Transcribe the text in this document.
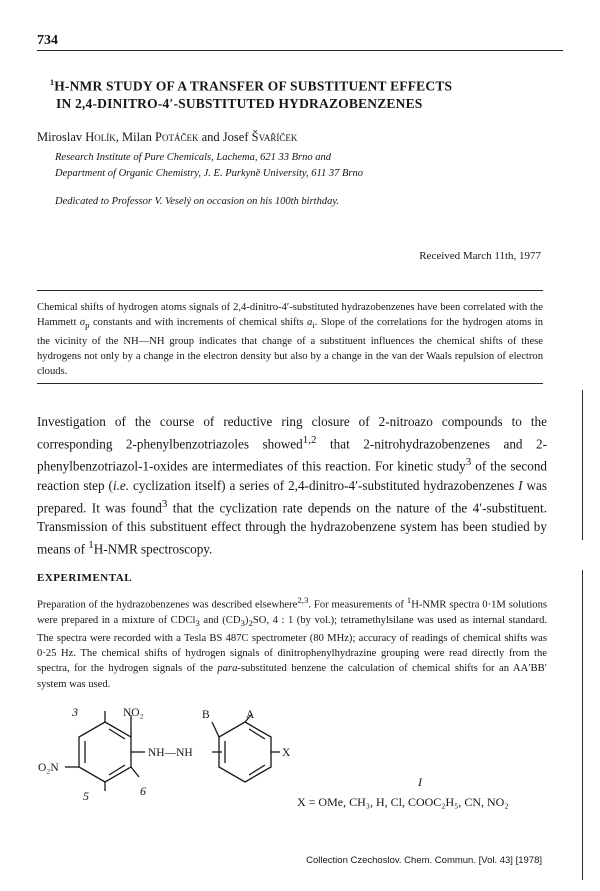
734
$^1$H-NMR STUDY OF A TRANSFER OF SUBSTITUENT EFFECTS
IN 2,4-DINITRO-4′-SUBSTITUTED HYDRAZOBENZENES
Miroslav Holík, Milan Potáček and Josef Švaříček
Research Institute of Pure Chemicals, Lachema, 621 33 Brno and
Department of Organic Chemistry, J. E. Purkyně University, 611 37 Brno
Dedicated to Professor V. Veselý on occasion on his 100th birthday.
Received March 11th, 1977
Chemical shifts of hydrogen atoms signals of 2,4-dinitro-4′-substituted hydrazobenzenes have been correlated with the Hammett $\sigma_p$ constants and with increments of chemical shifts $a_i$. Slope of the correlations for the hydrogen atoms in the vicinity of the NH—NH group indicates that change of a substituent influences the chemical shifts of these hydrogens not only by a change in the electron density but also by a change in the van der Waals repulsion of electron clouds.
Investigation of the course of reductive ring closure of 2-nitroazo compounds to the corresponding 2-phenylbenzotriazoles showed$^{1,2}$ that 2-nitrohydrazobenzenes and 2-phenylbenzotriazol-1-oxides are intermediates of this reaction. For kinetic study$^3$ of the second reaction step (i.e. cyclization itself) a series of 2,4-dinitro-4′-substituted hydrazobenzenes I was prepared. It was found$^3$ that the cyclization rate depends on the nature of the 4′-substituent. Transmission of this substituent effect through the hydrazobenzene system has been studied by means of $^1$H-NMR spectroscopy.
EXPERIMENTAL
Preparation of the hydrazobenzenes was described elsewhere$^{2,3}$. For measurements of $^1$H-NMR spectra 0·1M solutions were prepared in a mixture of CDCl$_3$ and $(CD_3)_2SO$, 4 : 1 (by vol.); tetramethylsilane was used as internal standard. The spectra were recorded with a Tesla BS 487C spectrometer (80 MHz); accuracy of readings of chemical shifts was 0·25 Hz. The chemical shifts of hydrogen signals of dinitrophenylhydrazine grouping were read directly from the spectra, for the hydrogen signals of the para-substituted benzene the calculation of chemical shifts for an AA′BB′ system was used.
3	NO₂
O₂N
5	6
NH—NH
B	A
X
I
X = OMe, CH₃, H, Cl, COOC₂H₅, CN, NO₂
Collection Czechoslov. Chem. Commun. [Vol. 43] [1978]
